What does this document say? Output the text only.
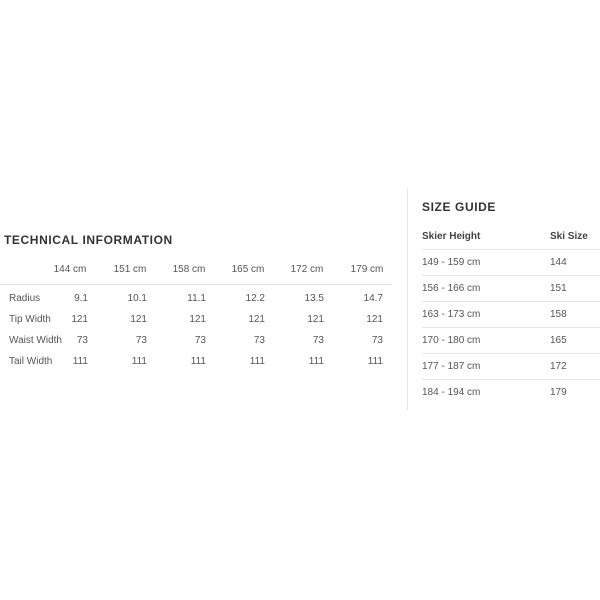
TECHNICAL INFORMATION
144 cm	151 cm	158 cm	165 cm	172 cm	179 cm
Radius	9.1	10.1	11.1	12.2	13.5	14.7
Tip Width	121	121	121	121	121	121
Waist Width	73	73	73	73	73	73
Tail Width	111	111	111	111	111	111
SIZE GUIDE
Skier Height	Ski Size
149 - 159 cm	144
156 - 166 cm	151
163 - 173 cm	158
170 - 180 cm	165
177 - 187 cm	172
184 - 194 cm	179
